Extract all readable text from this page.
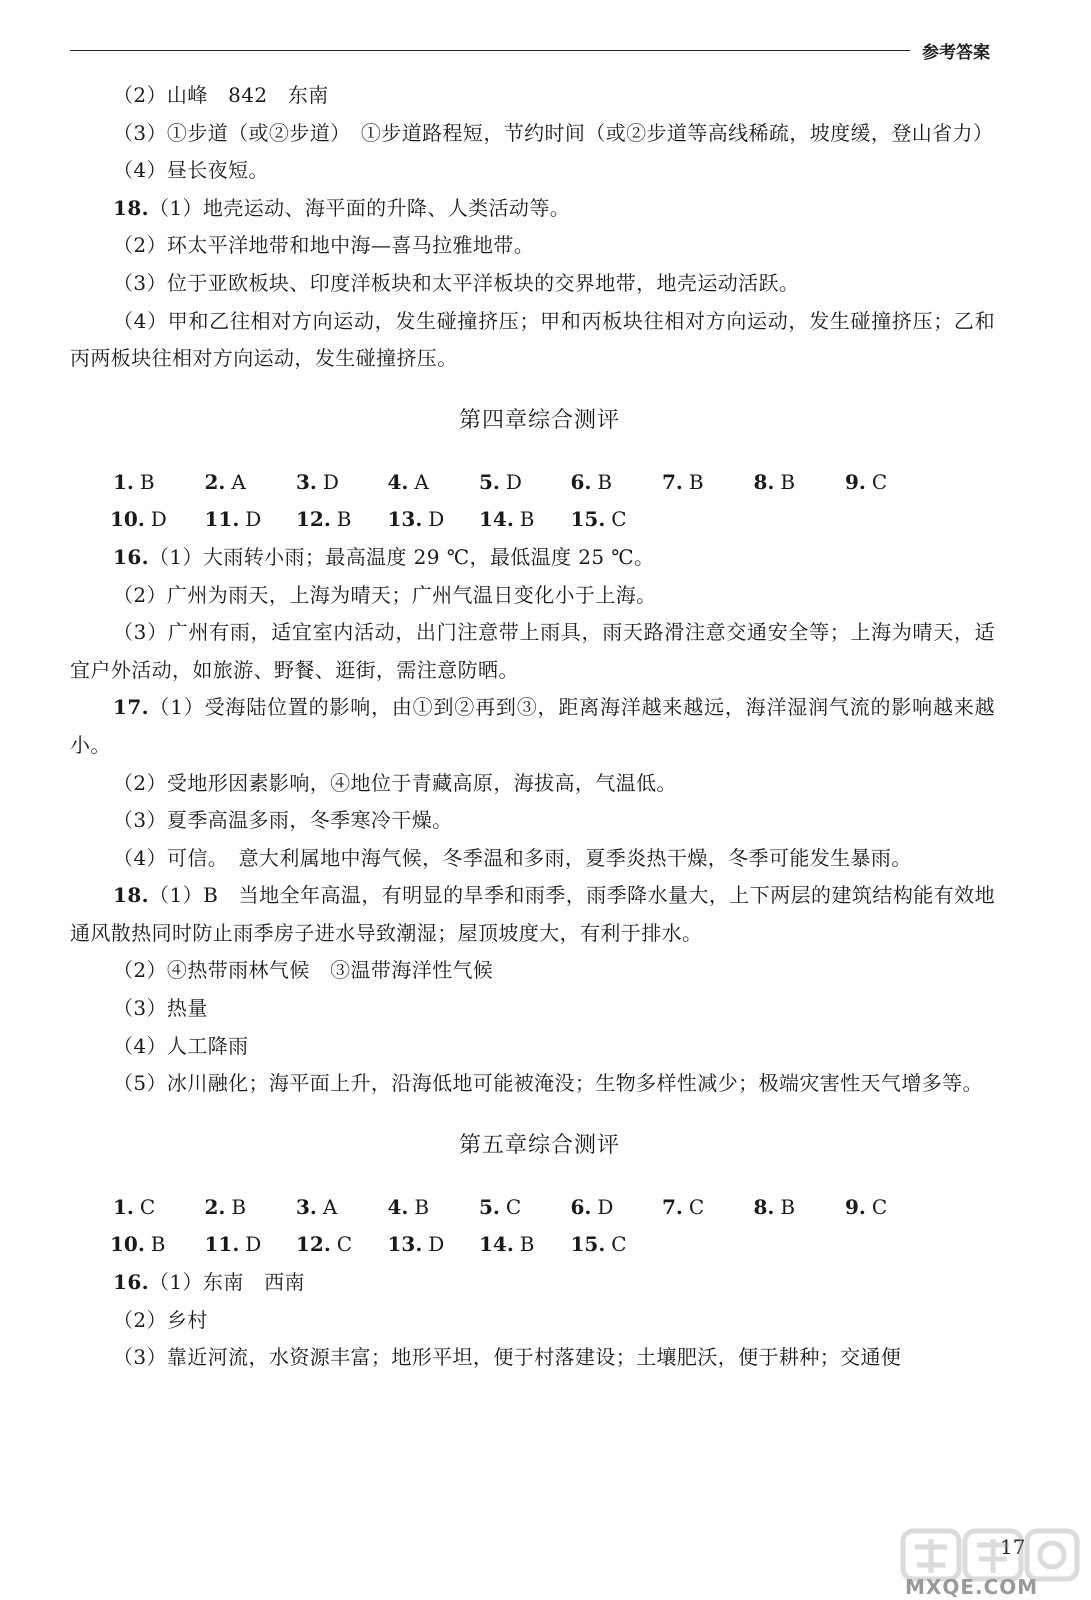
参考答案

（2）山峰　842　东南

（3）①步道（或②步道）　①步道路程短，节约时间（或②步道等高线稀疏，坡度缓，登山省力）

（4）昼长夜短。

18.（1）地壳运动、海平面的升降、人类活动等。

（2）环太平洋地带和地中海—喜马拉雅地带。

（3）位于亚欧板块、印度洋板块和太平洋板块的交界地带，地壳运动活跃。

（4）甲和乙往相对方向运动，发生碰撞挤压；甲和丙板块往相对方向运动，发生碰撞挤压；乙和丙两板块往相对方向运动，发生碰撞挤压。

第四章综合测评
1. B 2. A	3. D 4. A	5. D 6. B 7. B 8. B 9. C
10. D 11. D 12. B 13. D 14. B 15. C

16.（1）大雨转小雨；最高温度 29 ℃，最低温度 25 ℃。

（2）广州为雨天，上海为晴天；广州气温日变化小于上海。

（3）广州有雨，适宜室内活动，出门注意带上雨具，雨天路滑注意交通安全等；上海为晴天，适宜户外活动，如旅游、野餐、逛街，需注意防晒。

17.（1）受海陆位置的影响，由①到②再到③，距离海洋越来越远，海洋湿润气流的影响越来越小。

（2）受地形因素影响，④地位于青藏高原，海拔高，气温低。

（3）夏季高温多雨，冬季寒冷干燥。

（4）可信。　意大利属地中海气候，冬季温和多雨，夏季炎热干燥，冬季可能发生暴雨。

18.（1）B　当地全年高温，有明显的旱季和雨季，雨季降水量大，上下两层的建筑结构能有效地通风散热同时防止雨季房子进水导致潮湿；屋顶坡度大，有利于排水。

（2）④热带雨林气候　③温带海洋性气候

（3）热量

（4）人工降雨

（5）冰川融化；海平面上升，沿海低地可能被淹没；生物多样性减少；极端灾害性天气增多等。

第五章综合测评
1. C 2. B 3. A	4. B 5. C 6. D 7. C 8. B 9. C
10. B 11. D 12. C 13. D 14. B 15. C

16.（1）东南　西南

（2）乡村

（3）靠近河流，水资源丰富；地形平坦，便于村落建设；土壤肥沃，便于耕种；交通便

17
MXQE.COM
